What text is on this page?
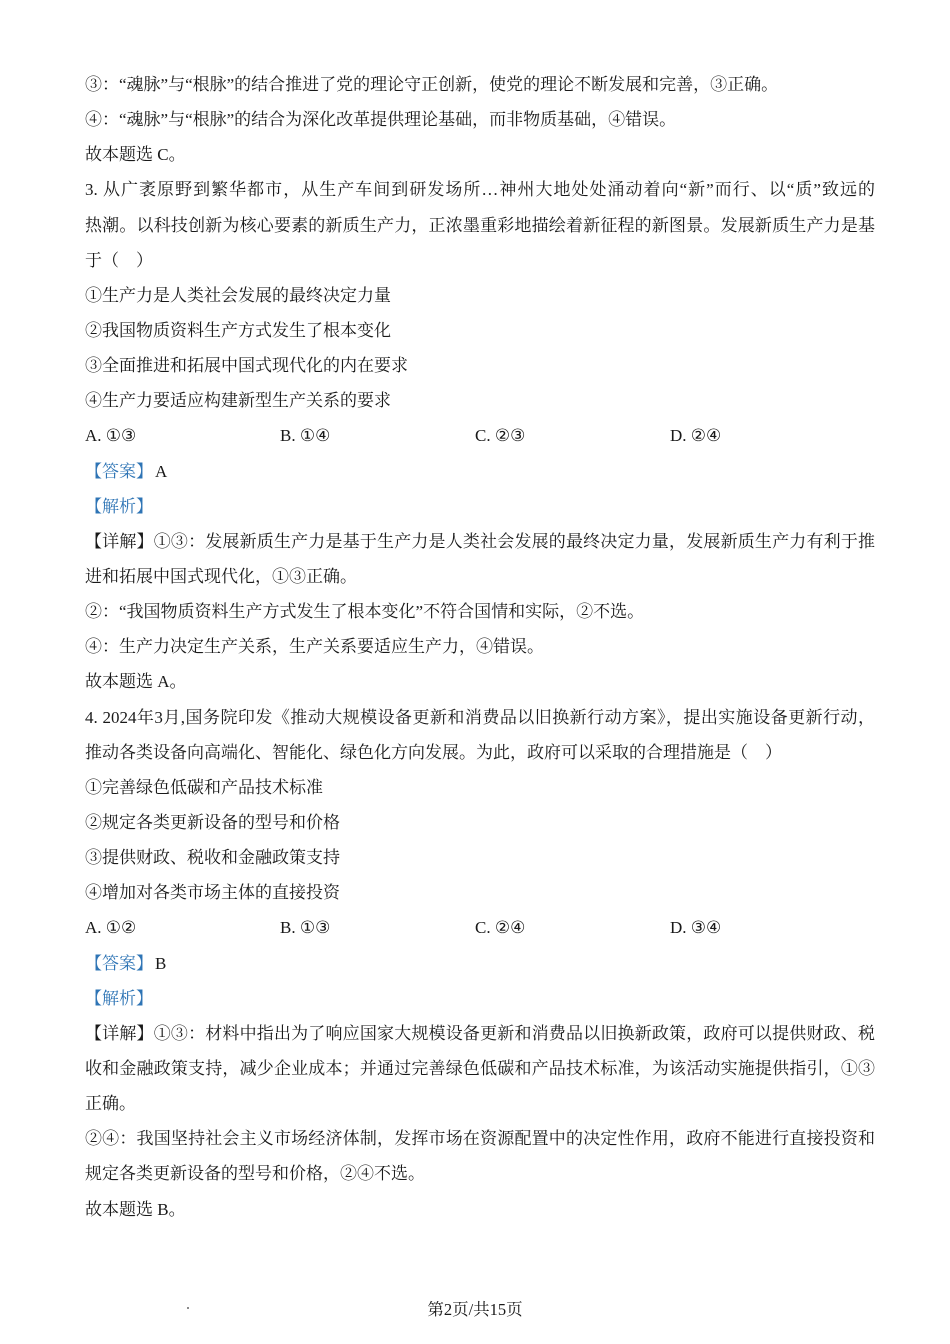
③：“魂脉”与“根脉”的结合推进了党的理论守正创新，使党的理论不断发展和完善，③正确。
④：“魂脉”与“根脉”的结合为深化改革提供理论基础，而非物质基础，④错误。
故本题选 C。
3. 从广袤原野到繁华都市，从生产车间到研发场所…神州大地处处涌动着向“新”而行、以“质”致远的
热潮。以科技创新为核心要素的新质生产力，正浓墨重彩地描绘着新征程的新图景。发展新质生产力是基
于（　）
①生产力是人类社会发展的最终决定力量
②我国物质资料生产方式发生了根本变化
③全面推进和拓展中国式现代化的内在要求
④生产力要适应构建新型生产关系的要求
A. ①③	B. ①④	C. ②③	D. ②④
【答案】 A
【解析】
【详解】①③：发展新质生产力是基于生产力是人类社会发展的最终决定力量，发展新质生产力有利于推
进和拓展中国式现代化，①③正确。
②：“我国物质资料生产方式发生了根本变化”不符合国情和实际，②不选。
④：生产力决定生产关系，生产关系要适应生产力，④错误。
故本题选 A。
4. 2024年3月,国务院印发《推动大规模设备更新和消费品以旧换新行动方案》，提出实施设备更新行动，
推动各类设备向高端化、智能化、绿色化方向发展。为此，政府可以采取的合理措施是（　）
①完善绿色低碳和产品技术标准
②规定各类更新设备的型号和价格
③提供财政、税收和金融政策支持
④增加对各类市场主体的直接投资
A. ①②	B. ①③	C. ②④	D. ③④
【答案】 B
【解析】
【详解】①③：材料中指出为了响应国家大规模设备更新和消费品以旧换新政策，政府可以提供财政、税
收和金融政策支持，减少企业成本；并通过完善绿色低碳和产品技术标准，为该活动实施提供指引，①③
正确。
②④：我国坚持社会主义市场经济体制，发挥市场在资源配置中的决定性作用，政府不能进行直接投资和
规定各类更新设备的型号和价格，②④不选。
故本题选 B。
第2页/共15页
